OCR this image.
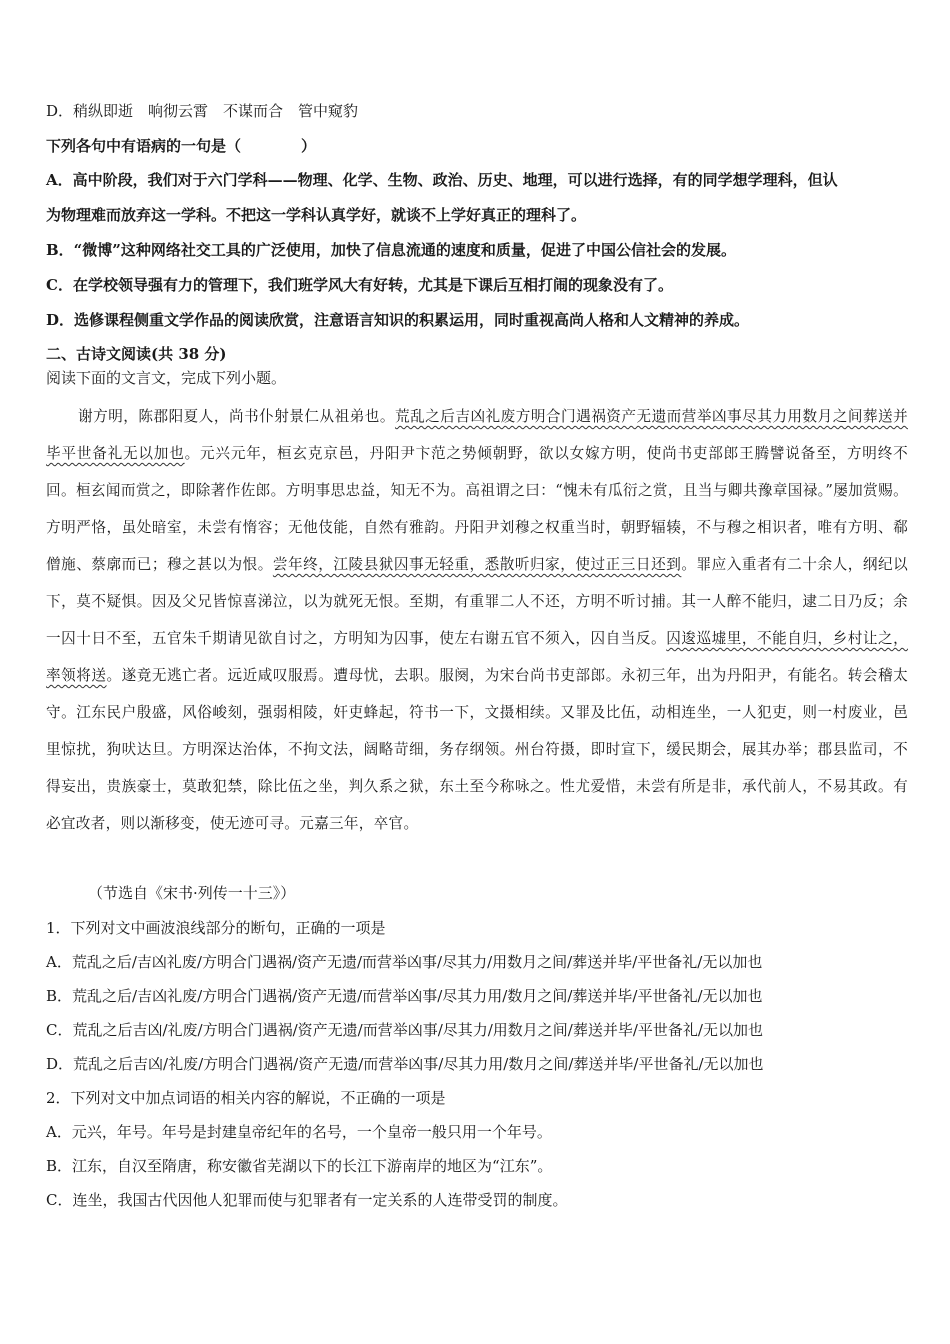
D．稍纵即逝　响彻云霄　不谋而合　管中窥豹
下列各句中有语病的一句是（　　　　）
A．高中阶段，我们对于六门学科——物理、化学、生物、政治、历史、地理，可以进行选择，有的同学想学理科，但认
为物理难而放弃这一学科。不把这一学科认真学好，就谈不上学好真正的理科了。
B．“微博”这种网络社交工具的广泛使用，加快了信息流通的速度和质量，促进了中国公信社会的发展。
C．在学校领导强有力的管理下，我们班学风大有好转，尤其是下课后互相打闹的现象没有了。
D．选修课程侧重文学作品的阅读欣赏，注意语言知识的积累运用，同时重视高尚人格和人文精神的养成。
二、古诗文阅读(共 38 分)
阅读下面的文言文，完成下列小题。
谢方明，陈郡阳夏人，尚书仆射景仁从祖弟也。荒乱之后吉凶礼废方明合门遇祸资产无遗而营举凶事尽其力用数月之间葬送并毕平世备礼无以加也。元兴元年，桓玄克京邑，丹阳尹卞范之势倾朝野，欲以女嫁方明，使尚书吏部郎王腾譬说备至，方明终不回。桓玄闻而赏之，即除著作佐郎。方明事思忠益，知无不为。高祖谓之曰：“愧未有瓜衍之赏，且当与卿共豫章国禄。”屡加赏赐。方明严恪，虽处暗室，未尝有惰容；无他伎能，自然有雅韵。丹阳尹刘穆之权重当时，朝野辐辏，不与穆之相识者，唯有方明、郗僧施、蔡廓而已；穆之甚以为恨。尝年终，江陵县狱囚事无轻重，悉散听归家，使过正三日还到。罪应入重者有二十余人，纲纪以下，莫不疑惧。因及父兄皆惊喜涕泣，以为就死无恨。至期，有重罪二人不还，方明不听讨捕。其一人醉不能归，逮二日乃反；余一囚十日不至，五官朱千期请见欲自讨之，方明知为囚事，使左右谢五官不须入，囚自当反。囚逡巡墟里，不能自归，乡村让之，率领将送。遂竟无逃亡者。远近咸叹服焉。遭母忧，去职。服阕，为宋台尚书吏部郎。永初三年，出为丹阳尹，有能名。转会稽太守。江东民户殷盛，风俗峻刻，强弱相陵，奸吏蜂起，符书一下，文摄相续。又罪及比伍，动相连坐，一人犯吏，则一村废业，邑里惊扰，狗吠达旦。方明深达治体，不拘文法，阔略苛细，务存纲领。州台符摄，即时宣下，缓民期会，展其办举；郡县监司，不得妄出，贵族豪士，莫敢犯禁，除比伍之坐，判久系之狱，东土至今称咏之。性尤爱惜，未尝有所是非，承代前人，不易其政。有必宜改者，则以渐移变，使无迹可寻。元嘉三年，卒官。
（节选自《宋书·列传一十三》）
1．下列对文中画波浪线部分的断句，正确的一项是
A．荒乱之后/吉凶礼废/方明合门遇祸/资产无遗/而营举凶事/尽其力/用数月之间/葬送并毕/平世备礼/无以加也
B．荒乱之后/吉凶礼废/方明合门遇祸/资产无遗/而营举凶事/尽其力用/数月之间/葬送并毕/平世备礼/无以加也
C．荒乱之后吉凶/礼废/方明合门遇祸/资产无遗/而营举凶事/尽其力/用数月之间/葬送并毕/平世备礼/无以加也
D．荒乱之后吉凶/礼废/方明合门遇祸/资产无遗/而营举凶事/尽其力用/数月之间/葬送并毕/平世备礼/无以加也
2．下列对文中加点词语的相关内容的解说，不正确的一项是
A．元兴，年号。年号是封建皇帝纪年的名号，一个皇帝一般只用一个年号。
B．江东，自汉至隋唐，称安徽省芜湖以下的长江下游南岸的地区为“江东”。
C．连坐，我国古代因他人犯罪而使与犯罪者有一定关系的人连带受罚的制度。
